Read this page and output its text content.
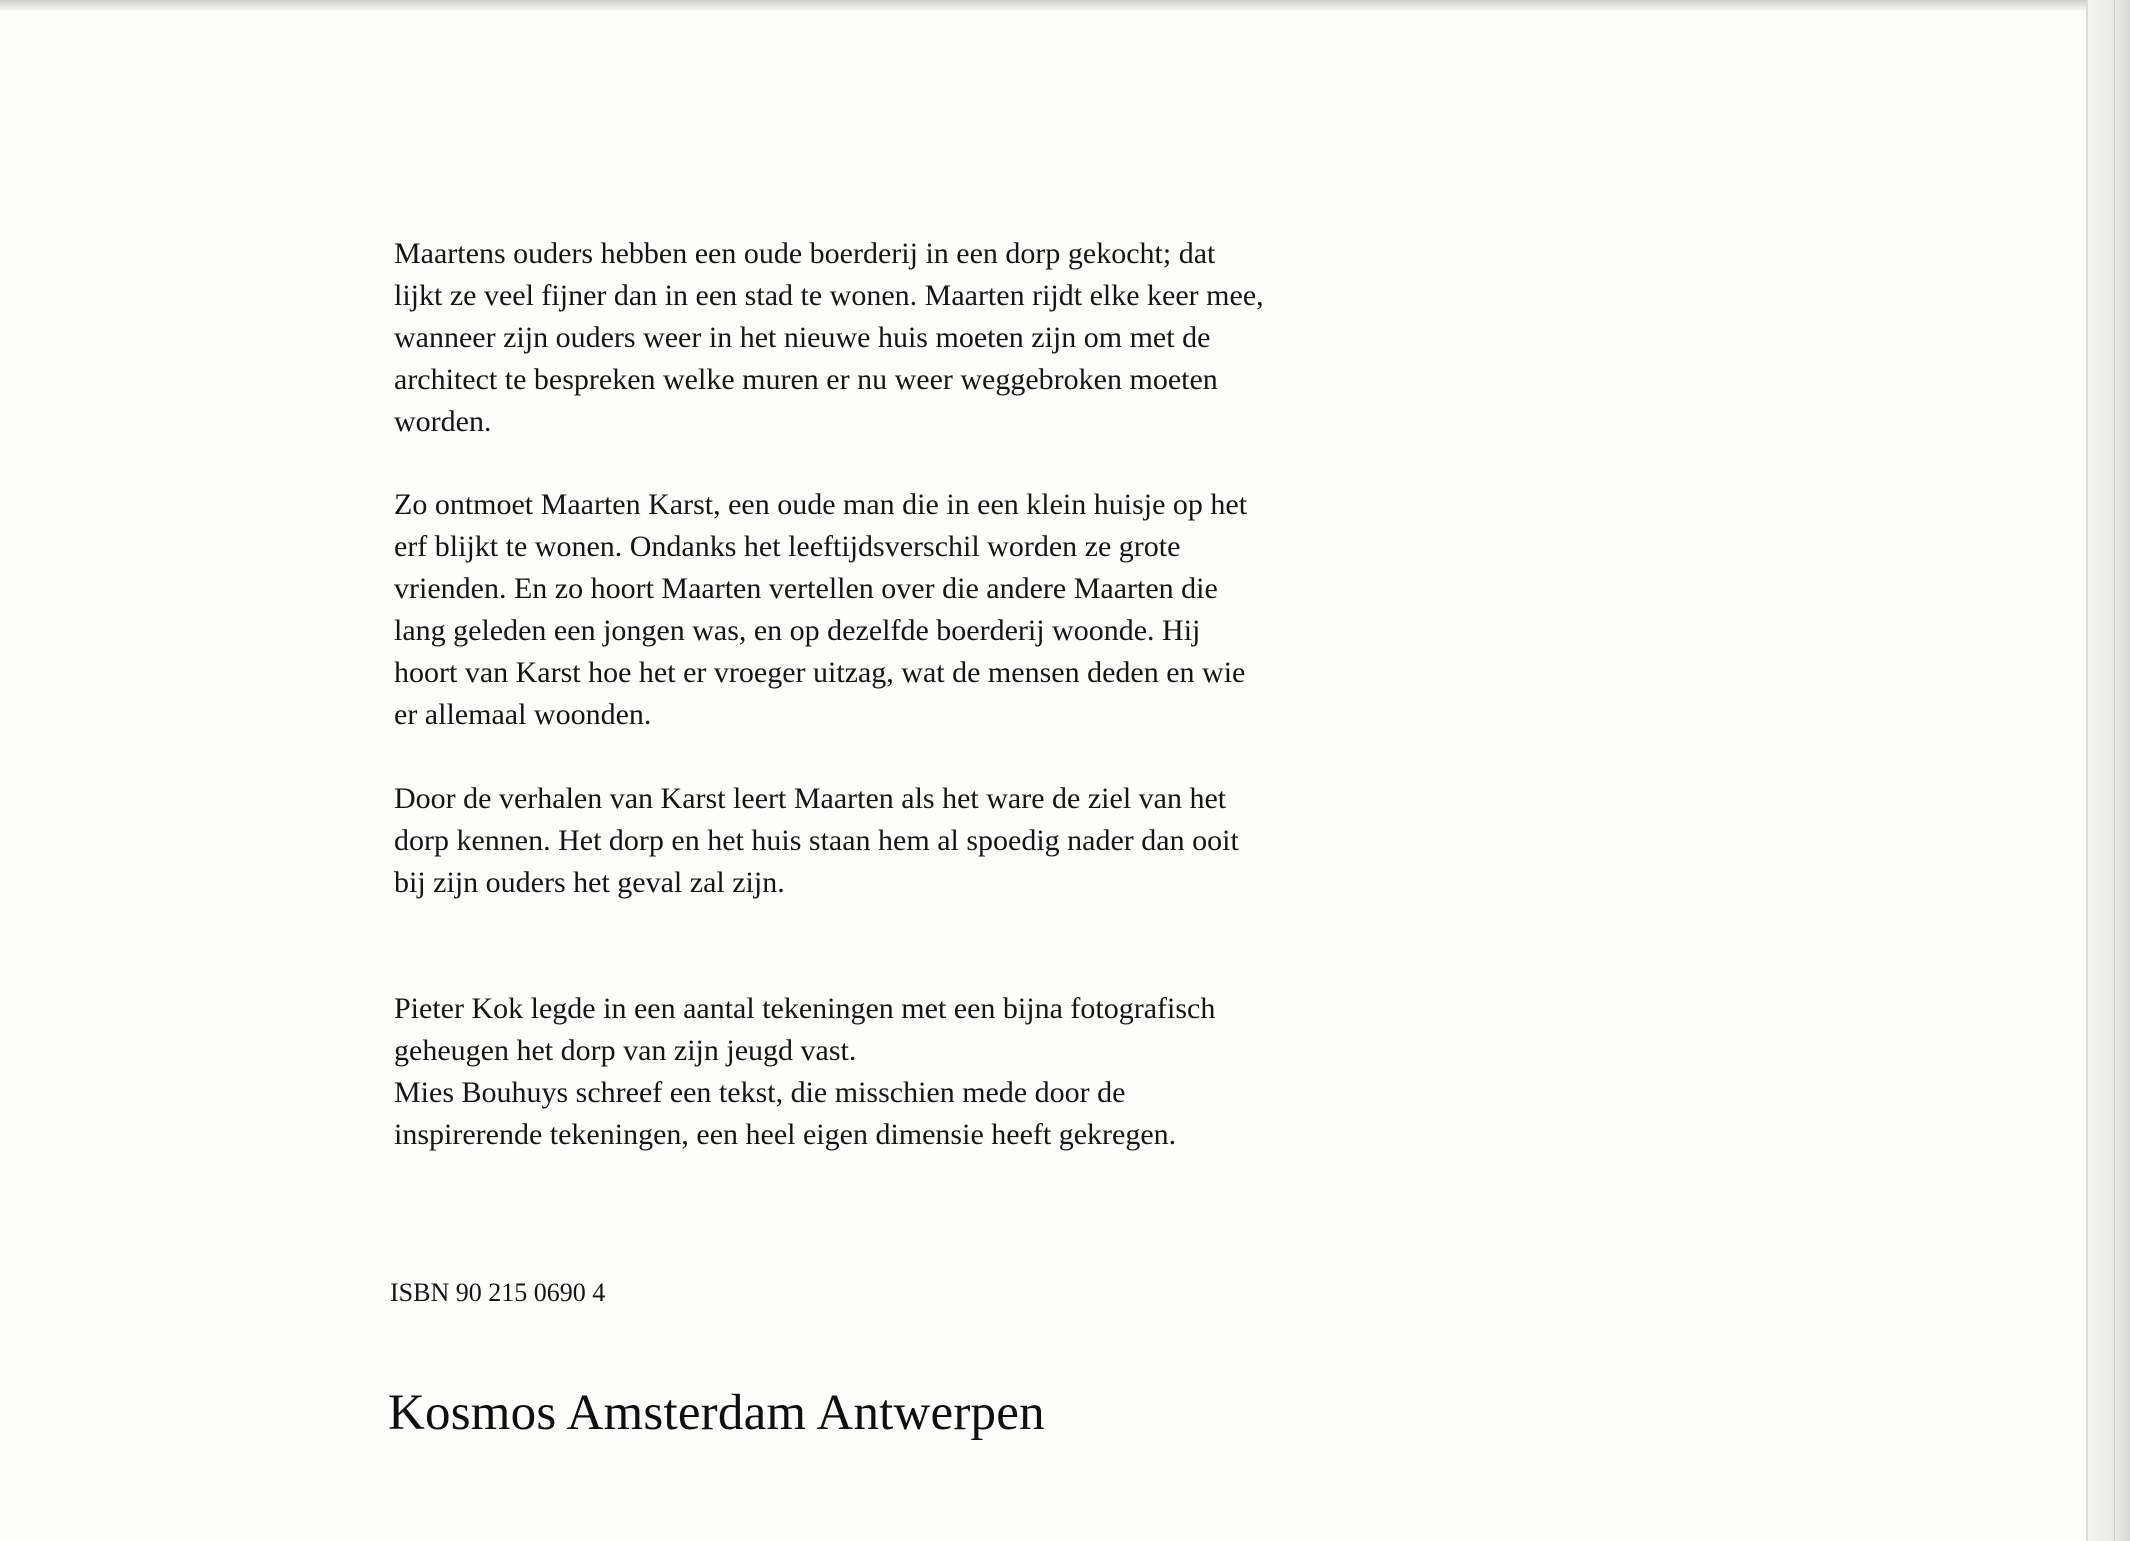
Maartens ouders hebben een oude boerderij in een dorp gekocht; dat
lijkt ze veel fijner dan in een stad te wonen. Maarten rijdt elke keer mee,
wanneer zijn ouders weer in het nieuwe huis moeten zijn om met de
architect te bespreken welke muren er nu weer weggebroken moeten
worden.

Zo ontmoet Maarten Karst, een oude man die in een klein huisje op het
erf blijkt te wonen. Ondanks het leeftijdsverschil worden ze grote
vrienden. En zo hoort Maarten vertellen over die andere Maarten die
lang geleden een jongen was, en op dezelfde boerderij woonde. Hij
hoort van Karst hoe het er vroeger uitzag, wat de mensen deden en wie
er allemaal woonden.

Door de verhalen van Karst leert Maarten als het ware de ziel van het
dorp kennen. Het dorp en het huis staan hem al spoedig nader dan ooit
bij zijn ouders het geval zal zijn.

Pieter Kok legde in een aantal tekeningen met een bijna fotografisch
geheugen het dorp van zijn jeugd vast.
Mies Bouhuys schreef een tekst, die misschien mede door de
inspirerende tekeningen, een heel eigen dimensie heeft gekregen.

ISBN 90 215 0690 4
Kosmos Amsterdam Antwerpen
